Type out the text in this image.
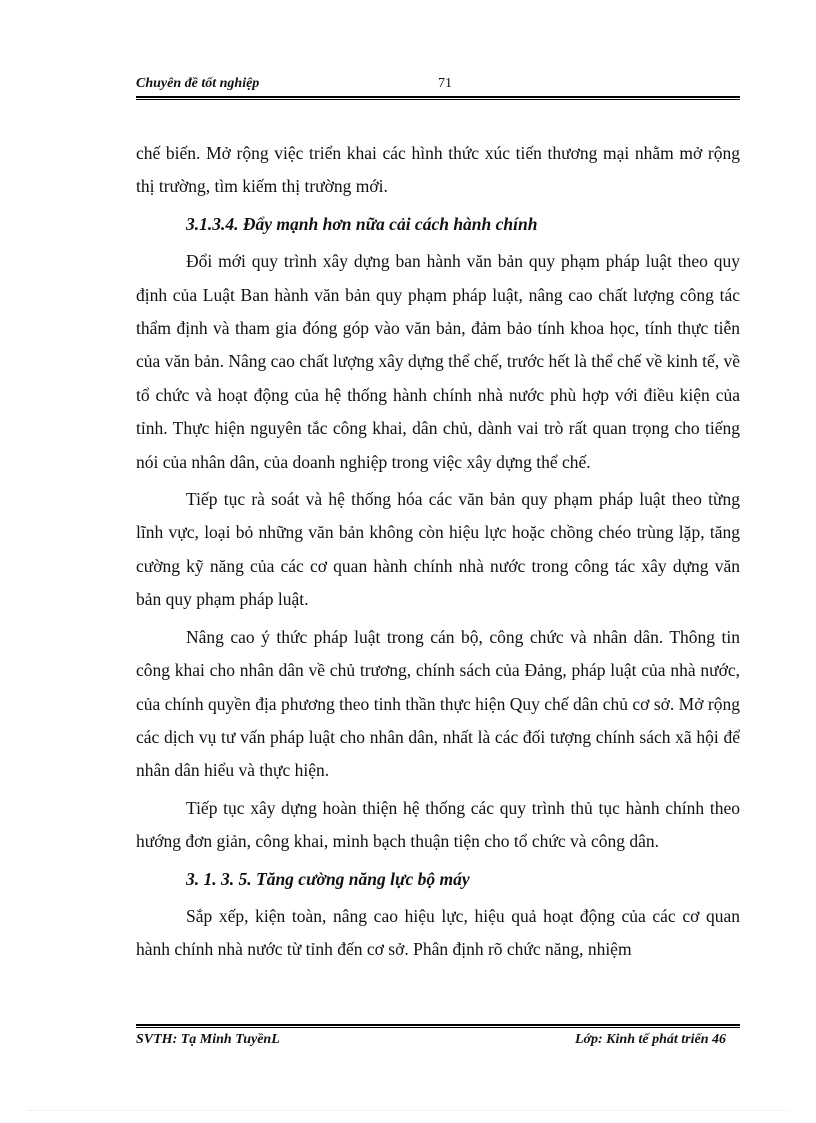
Chuyên đề tốt nghiệp	71

chế biến. Mở rộng việc triển khai các hình thức xúc tiến thương mại nhằm mở rộng thị trường, tìm kiếm thị trường mới.

3.1.3.4. Đẩy mạnh hơn nữa cải cách hành chính

Đổi mới quy trình xây dựng ban hành văn bản quy phạm pháp luật theo quy định của Luật Ban hành văn bản quy phạm pháp luật, nâng cao chất lượng công tác thẩm định và tham gia đóng góp vào văn bản, đảm bảo tính khoa học, tính thực tiễn của văn bản. Nâng cao chất lượng xây dựng thể chế, trước hết là thể chế về kinh tế, về tổ chức và hoạt động của hệ thống hành chính nhà nước phù hợp với điều kiện của tỉnh. Thực hiện nguyên tắc công khai, dân chủ, dành vai trò rất quan trọng cho tiếng nói của nhân dân, của doanh nghiệp trong việc xây dựng thể chế.

Tiếp tục rà soát và hệ thống hóa các văn bản quy phạm pháp luật theo từng lĩnh vực, loại bỏ những văn bản không còn hiệu lực hoặc chồng chéo trùng lặp, tăng cường kỹ năng của các cơ quan hành chính nhà nước trong công tác xây dựng văn bản quy phạm pháp luật.

Nâng cao ý thức pháp luật trong cán bộ, công chức và nhân dân. Thông tin công khai cho nhân dân về chủ trương, chính sách của Đảng, pháp luật của nhà nước, của chính quyền địa phương theo tinh thần thực hiện Quy chế dân chủ cơ sở. Mở rộng các dịch vụ tư vấn pháp luật cho nhân dân, nhất là các đối tượng chính sách xã hội để nhân dân hiểu và thực hiện.

Tiếp tục xây dựng hoàn thiện hệ thống các quy trình thủ tục hành chính theo hướng đơn giản, công khai, minh bạch thuận tiện cho tổ chức và công dân.

3. 1. 3. 5. Tăng cường năng lực bộ máy

Sắp xếp, kiện toàn, nâng cao hiệu lực, hiệu quả hoạt động của các cơ quan hành chính nhà nước từ tỉnh đến cơ sở. Phân định rõ chức năng, nhiệm

SVTH: Tạ Minh TuyềnL	Lớp: Kinh tế phát triển 46
